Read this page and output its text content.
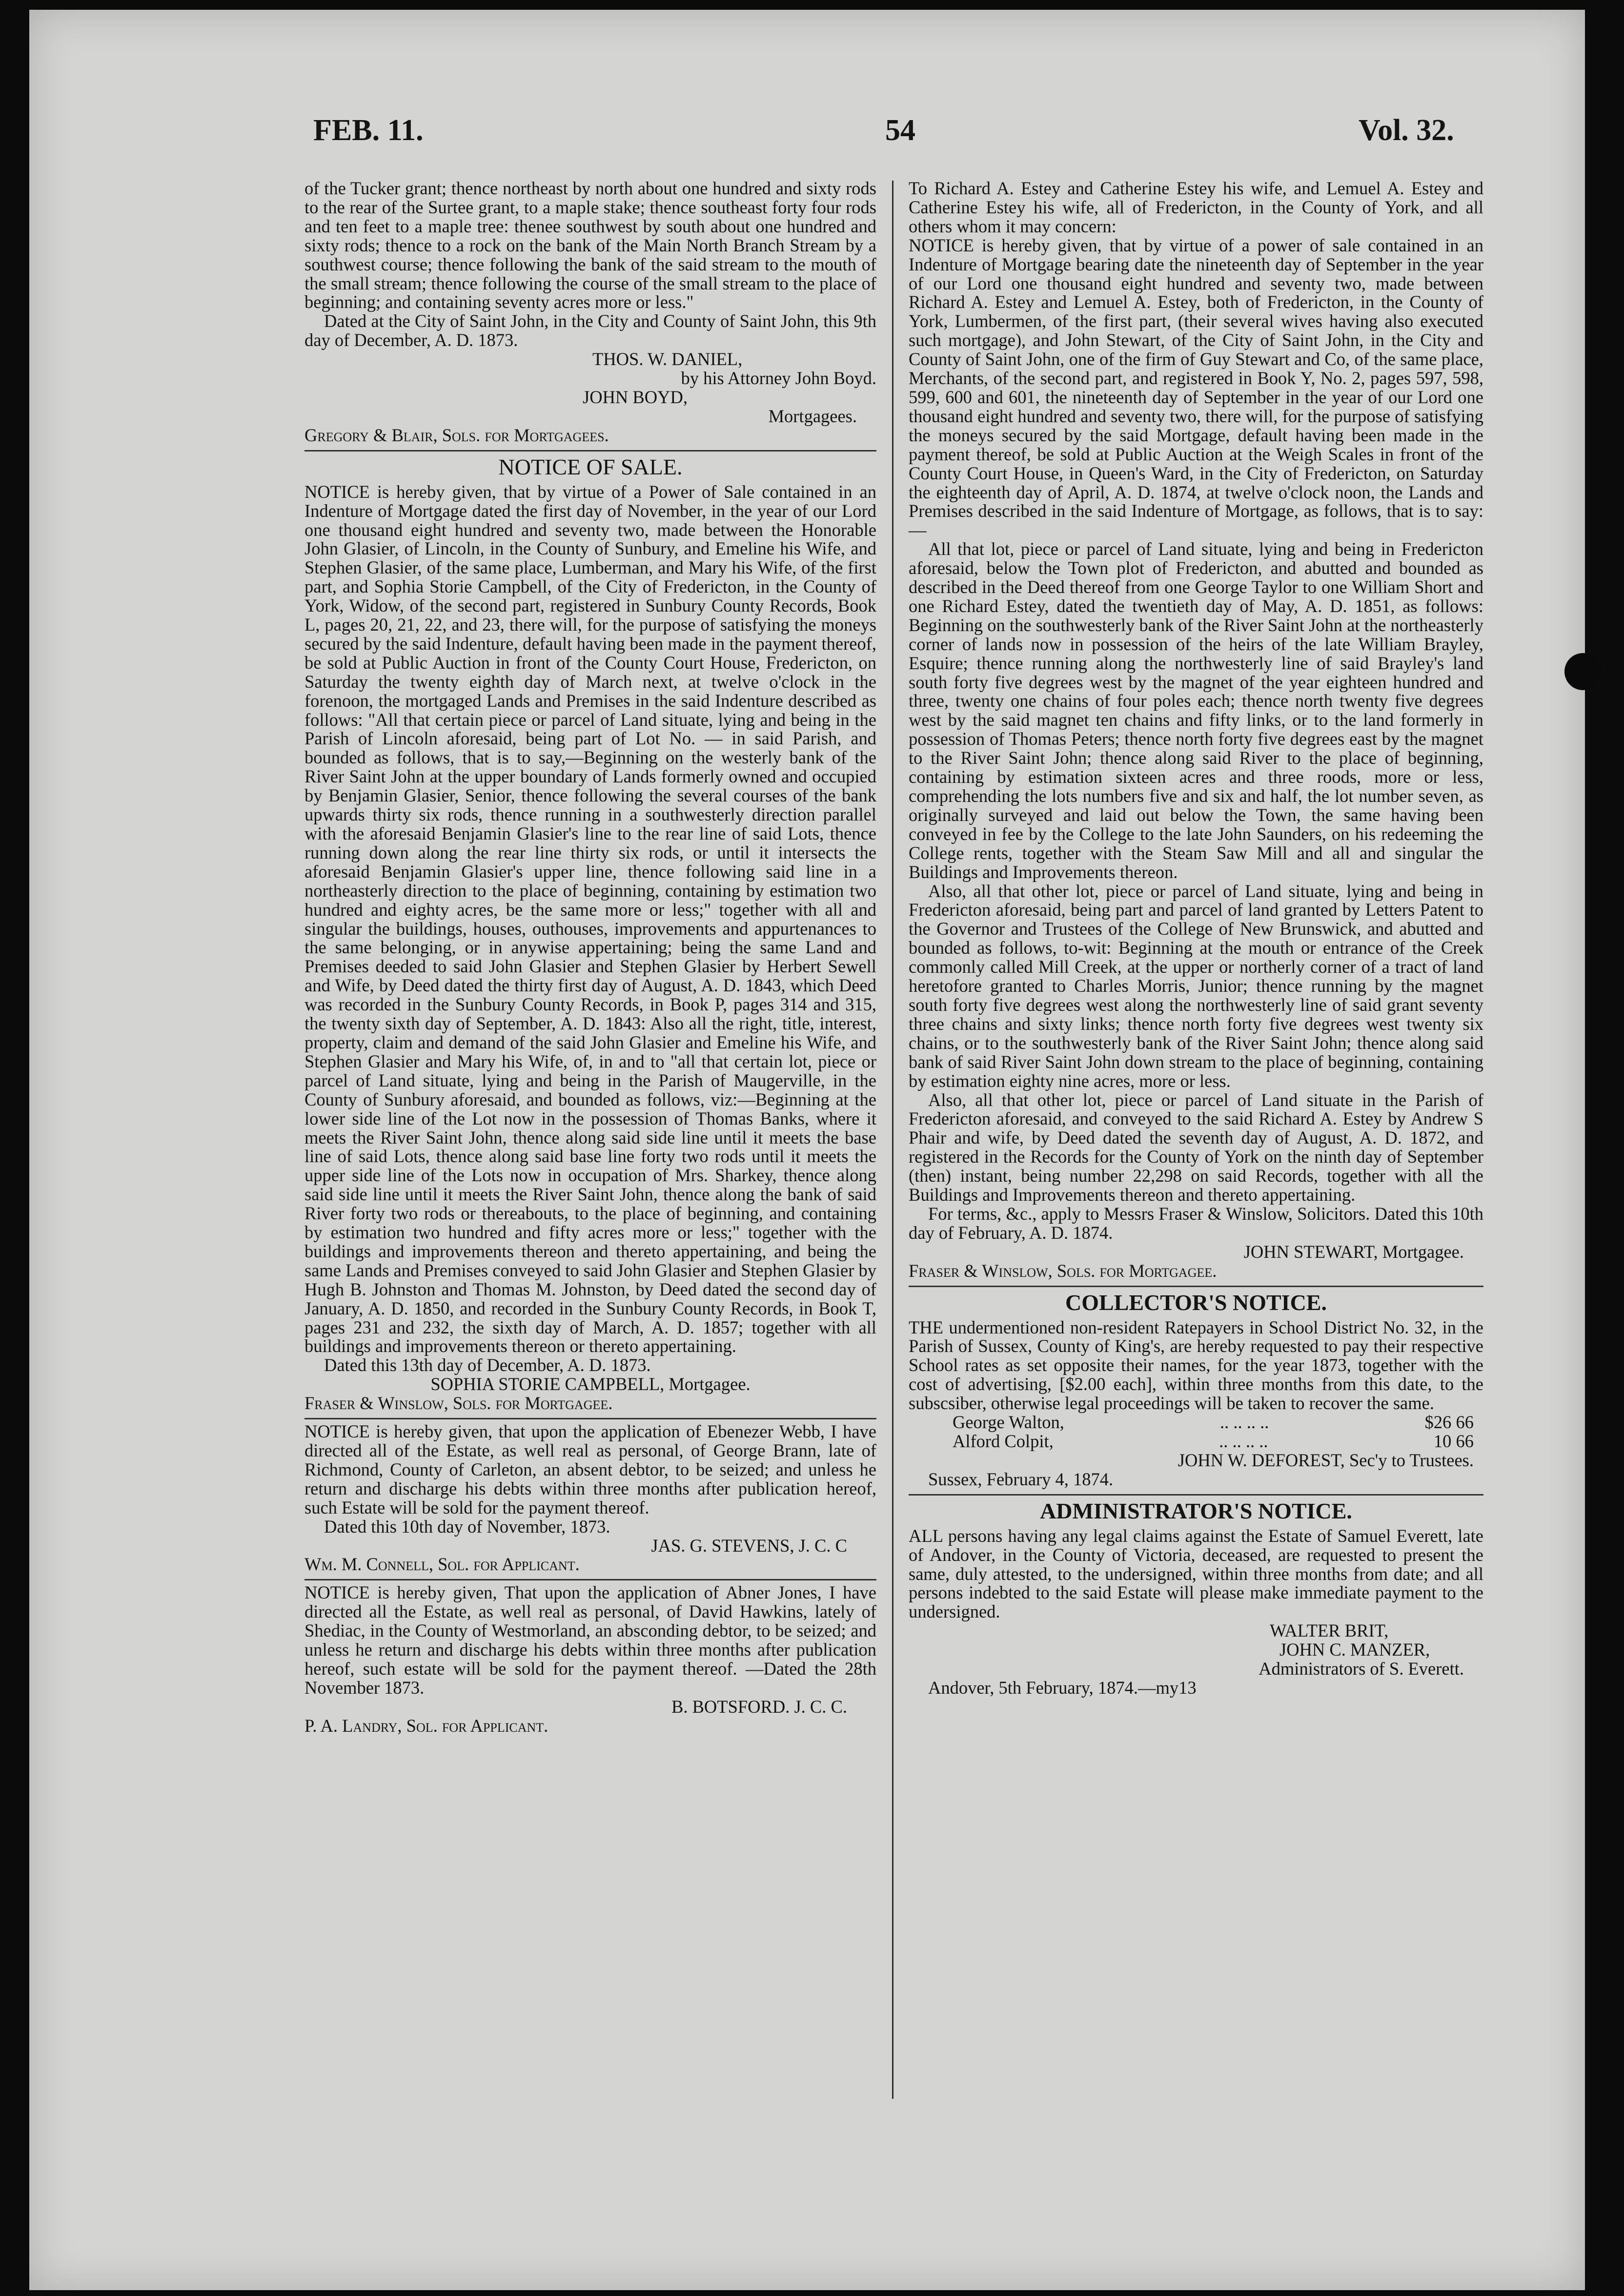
FEB. 11.	54	Vol. 32.

of the Tucker grant; thence northeast by north about one hundred and sixty rods to the rear of the Surtee grant, to a maple stake; thence southeast forty four rods and ten feet to a maple tree: thenee southwest by south about one hundred and sixty rods; thence to a rock on the bank of the Main North Branch Stream by a southwest course; thence following the bank of the said stream to the mouth of the small stream; thence following the course of the small stream to the place of beginning; and containing seventy acres more or less."

Dated at the City of Saint John, in the City and County of Saint John, this 9th day of December, A. D. 1873.

THOS. W. DANIEL,

by his Attorney John Boyd.

JOHN BOYD,

Mortgagees.

Gregory & Blair, Sols. for Mortgagees.

NOTICE OF SALE.

NOTICE is hereby given, that by virtue of a Power of Sale contained in an Indenture of Mortgage dated the first day of November, in the year of our Lord one thousand eight hundred and seventy two, made between the Honorable John Glasier, of Lincoln, in the County of Sunbury, and Emeline his Wife, and Stephen Glasier, of the same place, Lumberman, and Mary his Wife, of the first part, and Sophia Storie Campbell, of the City of Fredericton, in the County of York, Widow, of the second part, registered in Sunbury County Records, Book L, pages 20, 21, 22, and 23, there will, for the purpose of satisfying the moneys secured by the said Indenture, default having been made in the payment thereof, be sold at Public Auction in front of the County Court House, Fredericton, on Saturday the twenty eighth day of March next, at twelve o'clock in the forenoon, the mortgaged Lands and Premises in the said Indenture described as follows: "All that certain piece or parcel of Land situate, lying and being in the Parish of Lincoln aforesaid, being part of Lot No. — in said Parish, and bounded as follows, that is to say,—Beginning on the westerly bank of the River Saint John at the upper boundary of Lands formerly owned and occupied by Benjamin Glasier, Senior, thence following the several courses of the bank upwards thirty six rods, thence running in a southwesterly direction parallel with the aforesaid Benjamin Glasier's line to the rear line of said Lots, thence running down along the rear line thirty six rods, or until it intersects the aforesaid Benjamin Glasier's upper line, thence following said line in a northeasterly direction to the place of beginning, containing by estimation two hundred and eighty acres, be the same more or less;" together with all and singular the buildings, houses, outhouses, improvements and appurtenances to the same belonging, or in anywise appertaining; being the same Land and Premises deeded to said John Glasier and Stephen Glasier by Herbert Sewell and Wife, by Deed dated the thirty first day of August, A. D. 1843, which Deed was recorded in the Sunbury County Records, in Book P, pages 314 and 315, the twenty sixth day of September, A. D. 1843: Also all the right, title, interest, property, claim and demand of the said John Glasier and Emeline his Wife, and Stephen Glasier and Mary his Wife, of, in and to "all that certain lot, piece or parcel of Land situate, lying and being in the Parish of Maugerville, in the County of Sunbury aforesaid, and bounded as follows, viz:—Beginning at the lower side line of the Lot now in the possession of Thomas Banks, where it meets the River Saint John, thence along said side line until it meets the base line of said Lots, thence along said base line forty two rods until it meets the upper side line of the Lots now in occupation of Mrs. Sharkey, thence along said side line until it meets the River Saint John, thence along the bank of said River forty two rods or thereabouts, to the place of beginning, and containing by estimation two hundred and fifty acres more or less;" together with the buildings and improvements thereon and thereto appertaining, and being the same Lands and Premises conveyed to said John Glasier and Stephen Glasier by Hugh B. Johnston and Thomas M. Johnston, by Deed dated the second day of January, A. D. 1850, and recorded in the Sunbury County Records, in Book T, pages 231 and 232, the sixth day of March, A. D. 1857; together with all buildings and improvements thereon or thereto appertaining.

Dated this 13th day of December, A. D. 1873.

SOPHIA STORIE CAMPBELL, Mortgagee.

Fraser & Winslow, Sols. for Mortgagee.

NOTICE is hereby given, that upon the application of Ebenezer Webb, I have directed all of the Estate, as well real as personal, of George Brann, late of Richmond, County of Carleton, an absent debtor, to be seized; and unless he return and discharge his debts within three months after publication hereof, such Estate will be sold for the payment thereof.

Dated this 10th day of November, 1873.

JAS. G. STEVENS, J. C. C

Wm. M. Connell, Sol. for Applicant.

NOTICE is hereby given, That upon the application of Abner Jones, I have directed all the Estate, as well real as personal, of David Hawkins, lately of Shediac, in the County of Westmorland, an absconding debtor, to be seized; and unless he return and discharge his debts within three months after publication hereof, such estate will be sold for the payment thereof. —Dated the 28th November 1873.

B. BOTSFORD. J. C. C.

P. A. Landry, Sol. for Applicant.

To Richard A. Estey and Catherine Estey his wife, and Lemuel A. Estey and Catherine Estey his wife, all of Fredericton, in the County of York, and all others whom it may concern:

NOTICE is hereby given, that by virtue of a power of sale contained in an Indenture of Mortgage bearing date the nineteenth day of September in the year of our Lord one thousand eight hundred and seventy two, made between Richard A. Estey and Lemuel A. Estey, both of Fredericton, in the County of York, Lumbermen, of the first part, (their several wives having also executed such mortgage), and John Stewart, of the City of Saint John, in the City and County of Saint John, one of the firm of Guy Stewart and Co, of the same place, Merchants, of the second part, and registered in Book Y, No. 2, pages 597, 598, 599, 600 and 601, the nineteenth day of September in the year of our Lord one thousand eight hundred and seventy two, there will, for the purpose of satisfying the moneys secured by the said Mortgage, default having been made in the payment thereof, be sold at Public Auction at the Weigh Scales in front of the County Court House, in Queen's Ward, in the City of Fredericton, on Saturday the eighteenth day of April, A. D. 1874, at twelve o'clock noon, the Lands and Premises described in the said Indenture of Mortgage, as follows, that is to say:—

All that lot, piece or parcel of Land situate, lying and being in Fredericton aforesaid, below the Town plot of Fredericton, and abutted and bounded as described in the Deed thereof from one George Taylor to one William Short and one Richard Estey, dated the twentieth day of May, A. D. 1851, as follows: Beginning on the southwesterly bank of the River Saint John at the northeasterly corner of lands now in possession of the heirs of the late William Brayley, Esquire; thence running along the northwesterly line of said Brayley's land south forty five degrees west by the magnet of the year eighteen hundred and three, twenty one chains of four poles each; thence north twenty five degrees west by the said magnet ten chains and fifty links, or to the land formerly in possession of Thomas Peters; thence north forty five degrees east by the magnet to the River Saint John; thence along said River to the place of beginning, containing by estimation sixteen acres and three roods, more or less, comprehending the lots numbers five and six and half, the lot number seven, as originally surveyed and laid out below the Town, the same having been conveyed in fee by the College to the late John Saunders, on his redeeming the College rents, together with the Steam Saw Mill and all and singular the Buildings and Improvements thereon.

Also, all that other lot, piece or parcel of Land situate, lying and being in Fredericton aforesaid, being part and parcel of land granted by Letters Patent to the Governor and Trustees of the College of New Brunswick, and abutted and bounded as follows, to-wit: Beginning at the mouth or entrance of the Creek commonly called Mill Creek, at the upper or northerly corner of a tract of land heretofore granted to Charles Morris, Junior; thence running by the magnet south forty five degrees west along the northwesterly line of said grant seventy three chains and sixty links; thence north forty five degrees west twenty six chains, or to the southwesterly bank of the River Saint John; thence along said bank of said River Saint John down stream to the place of beginning, containing by estimation eighty nine acres, more or less.

Also, all that other lot, piece or parcel of Land situate in the Parish of Fredericton aforesaid, and conveyed to the said Richard A. Estey by Andrew S Phair and wife, by Deed dated the seventh day of August, A. D. 1872, and registered in the Records for the County of York on the ninth day of September (then) instant, being number 22,298 on said Records, together with all the Buildings and Improvements thereon and thereto appertaining.

For terms, &c., apply to Messrs Fraser & Winslow, Solicitors. Dated this 10th day of February, A. D. 1874.

JOHN STEWART, Mortgagee.

Fraser & Winslow, Sols. for Mortgagee.

COLLECTOR'S NOTICE.

THE undermentioned non-resident Ratepayers in School District No. 32, in the Parish of Sussex, County of King's, are hereby requested to pay their respective School rates as set opposite their names, for the year 1873, together with the cost of advertising, [$2.00 each], within three months from this date, to the subscsiber, otherwise legal proceedings will be taken to recover the same.

George Walton,	.. .. .. ..	$26 66
Alford Colpit,	.. .. .. ..	10 66

JOHN W. DEFOREST, Sec'y to Trustees.

Sussex, February 4, 1874.

ADMINISTRATOR'S NOTICE.

ALL persons having any legal claims against the Estate of Samuel Everett, late of Andover, in the County of Victoria, deceased, are requested to present the same, duly attested, to the undersigned, within three months from date; and all persons indebted to the said Estate will please make immediate payment to the undersigned.

WALTER BRIT,

JOHN C. MANZER,

Administrators of S. Everett.

Andover, 5th February, 1874.—my13
